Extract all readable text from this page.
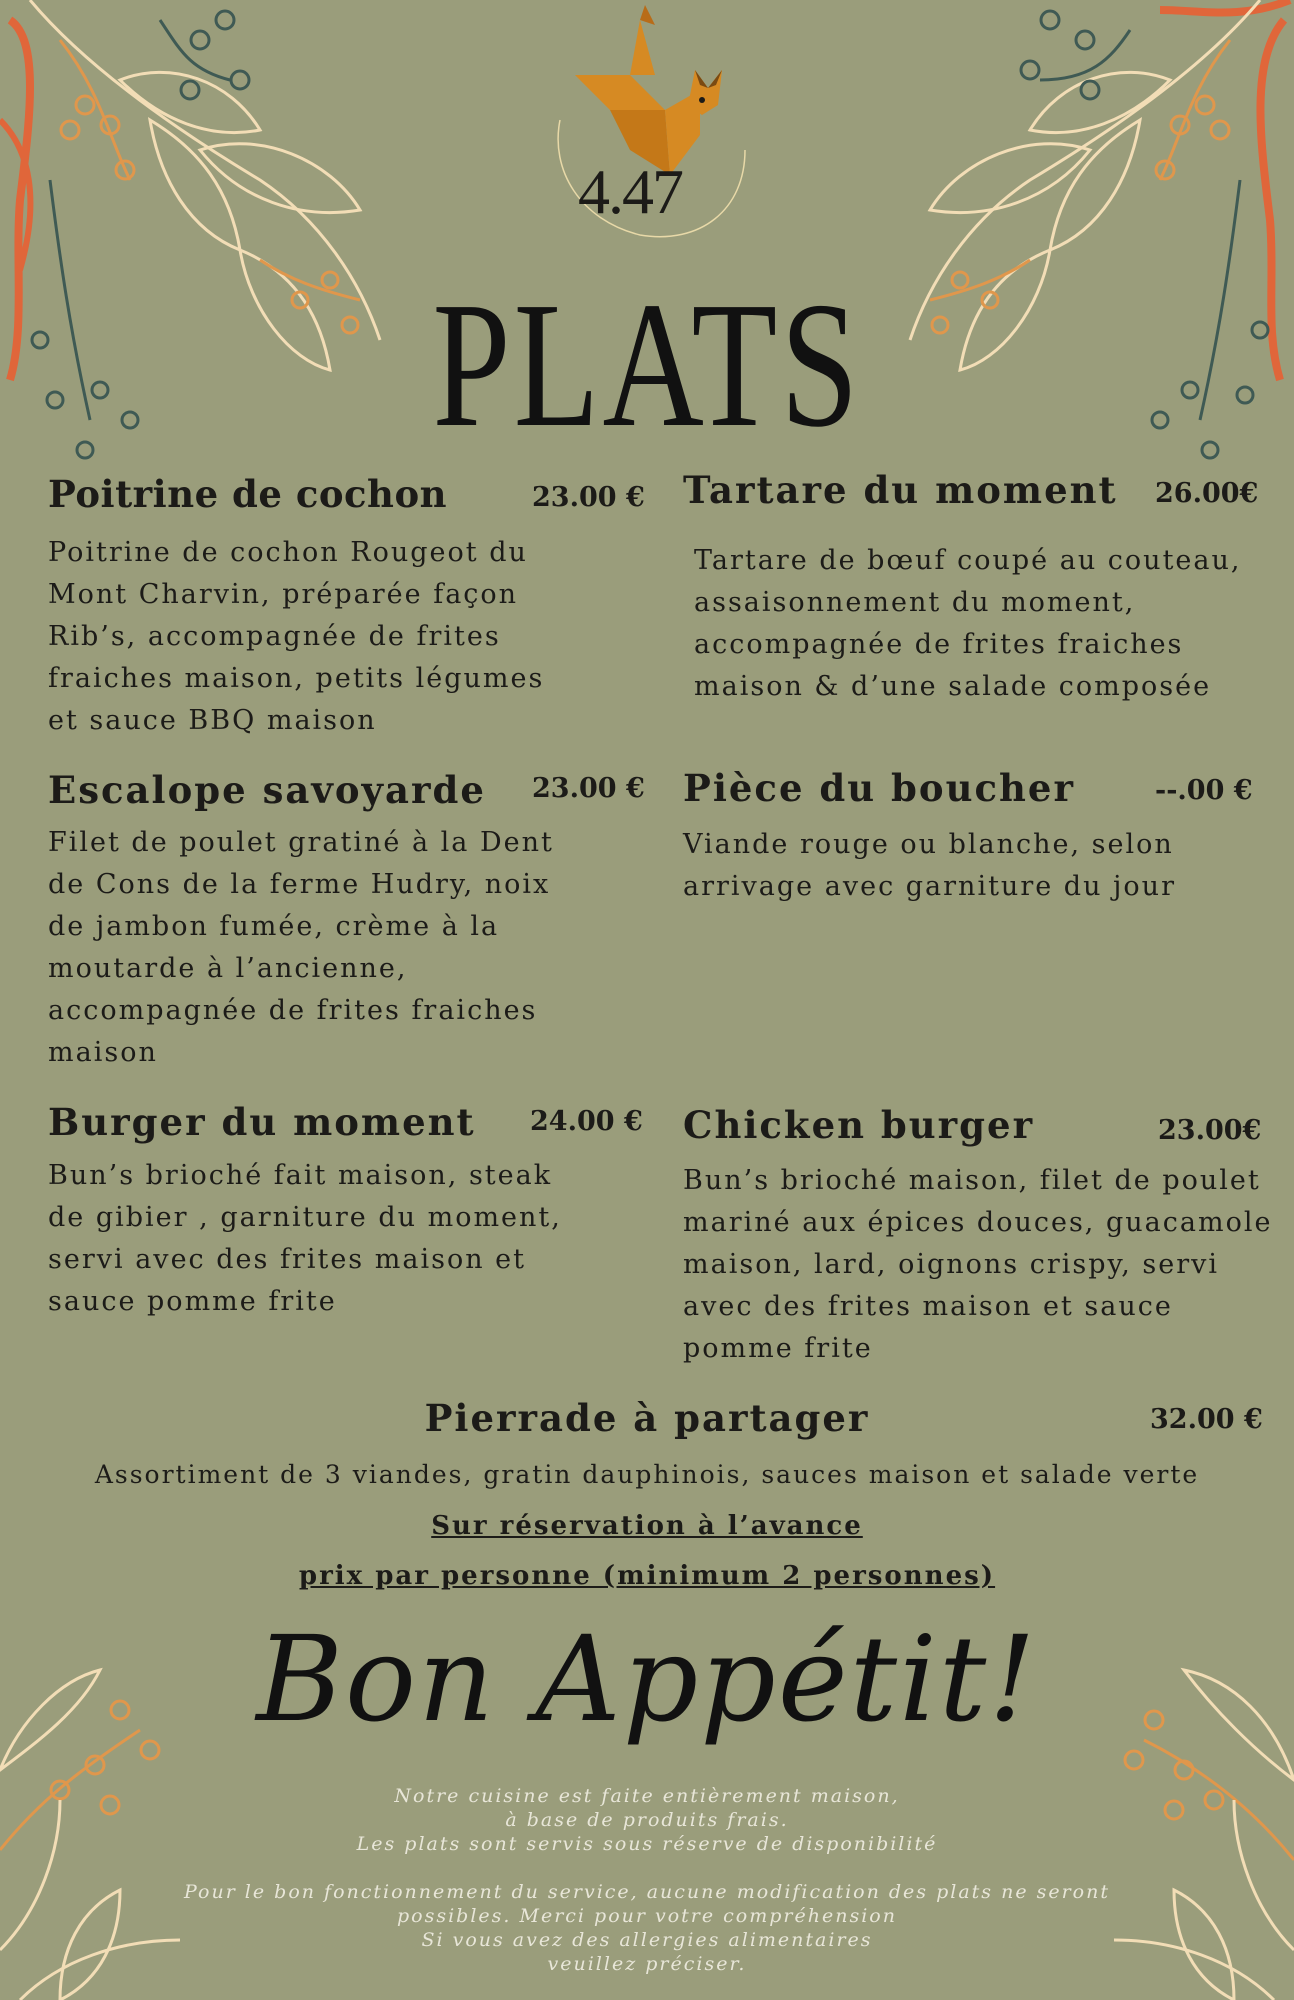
4.47
PLATS
Poitrine de cochon	23.00 €
Poitrine de cochon Rougeot du
Mont Charvin, préparée façon
Rib’s, accompagnée de frites
fraiches maison, petits légumes
et sauce BBQ maison
Tartare du moment 26.00€
Tartare de bœuf coupé au couteau,
assaisonnement du moment,
accompagnée de frites fraiches
maison & d’une salade composée
Escalope savoyarde 23.00 €
Filet de poulet gratiné à la Dent
de Cons de la ferme Hudry, noix
de jambon fumée, crème à la
moutarde à l’ancienne,
accompagnée de frites fraiches
maison
Pièce du boucher	--.00 €
Viande rouge ou blanche, selon
arrivage avec garniture du jour
Burger du moment 24.00 €
Bun’s brioché fait maison, steak
de gibier , garniture du moment,
servi avec des frites maison et
sauce pomme frite
Chicken burger	23.00€
Bun’s brioché maison, filet de poulet
mariné aux épices douces, guacamole
maison, lard, oignons crispy, servi
avec des frites maison et sauce
pomme frite
Pierrade à partager	32.00 €
Assortiment de 3 viandes, gratin dauphinois, sauces maison et salade verte
Sur réservation à l’avance
prix par personne (minimum 2 personnes)
Bon Appétit!
Notre cuisine est faite entièrement maison,
à base de produits frais.
Les plats sont servis sous réserve de disponibilité
Pour le bon fonctionnement du service, aucune modification des plats ne seront
possibles. Merci pour votre compréhension
Si vous avez des allergies alimentaires
veuillez préciser.
